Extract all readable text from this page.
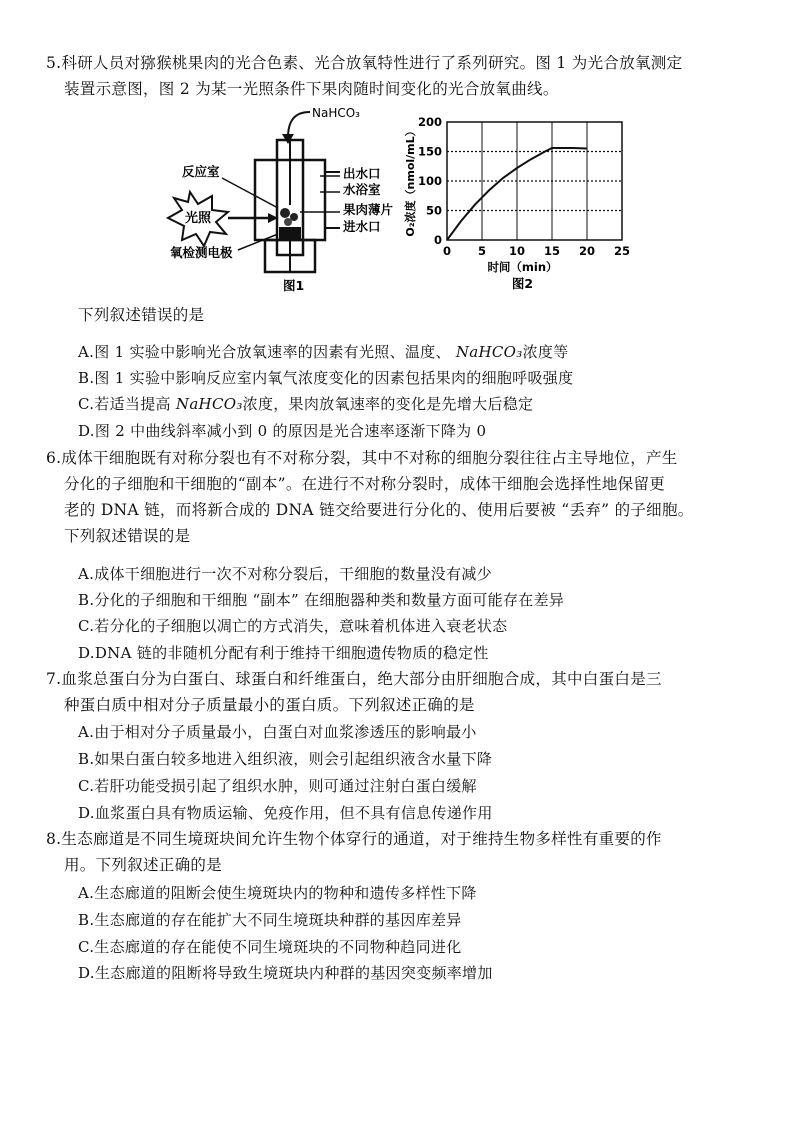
5.科研人员对猕猴桃果肉的光合色素、光合放氧特性进行了系列研究。图 1 为光合放氧测定
装置示意图，图 2 为某一光照条件下果肉随时间变化的光合放氧曲线。
NaHCO₃
反应室
光照
氧检测电极
出水口
水浴室
果肉薄片
进水口
图1
0
50
100
150
200
0 5 10 15 20 25
O₂浓度（nmol/mL）
时间（min）
图2
下列叙述错误的是
A.图 1 实验中影响光合放氧速率的因素有光照、温度、 NaHCO₃浓度等
B.图 1 实验中影响反应室内氧气浓度变化的因素包括果肉的细胞呼吸强度
C.若适当提高 NaHCO₃浓度，果肉放氧速率的变化是先增大后稳定
D.图 2 中曲线斜率减小到 0 的原因是光合速率逐渐下降为 0
6.成体干细胞既有对称分裂也有不对称分裂，其中不对称的细胞分裂往往占主导地位，产生
分化的子细胞和干细胞的“副本”。在进行不对称分裂时，成体干细胞会选择性地保留更
老的 DNA 链，而将新合成的 DNA 链交给要进行分化的、使用后要被 “丢弃” 的子细胞。
下列叙述错误的是
A.成体干细胞进行一次不对称分裂后，干细胞的数量没有减少
B.分化的子细胞和干细胞 “副本” 在细胞器种类和数量方面可能存在差异
C.若分化的子细胞以凋亡的方式消失，意味着机体进入衰老状态
D.DNA 链的非随机分配有利于维持干细胞遗传物质的稳定性
7.血浆总蛋白分为白蛋白、球蛋白和纤维蛋白，绝大部分由肝细胞合成，其中白蛋白是三
种蛋白质中相对分子质量最小的蛋白质。下列叙述正确的是
A.由于相对分子质量最小，白蛋白对血浆渗透压的影响最小
B.如果白蛋白较多地进入组织液，则会引起组织液含水量下降
C.若肝功能受损引起了组织水肿，则可通过注射白蛋白缓解
D.血浆蛋白具有物质运输、免疫作用，但不具有信息传递作用
8.生态廊道是不同生境斑块间允许生物个体穿行的通道，对于维持生物多样性有重要的作
用。下列叙述正确的是
A.生态廊道的阻断会使生境斑块内的物种和遗传多样性下降
B.生态廊道的存在能扩大不同生境斑块种群的基因库差异
C.生态廊道的存在能使不同生境斑块的不同物种趋同进化
D.生态廊道的阻断将导致生境斑块内种群的基因突变频率增加
